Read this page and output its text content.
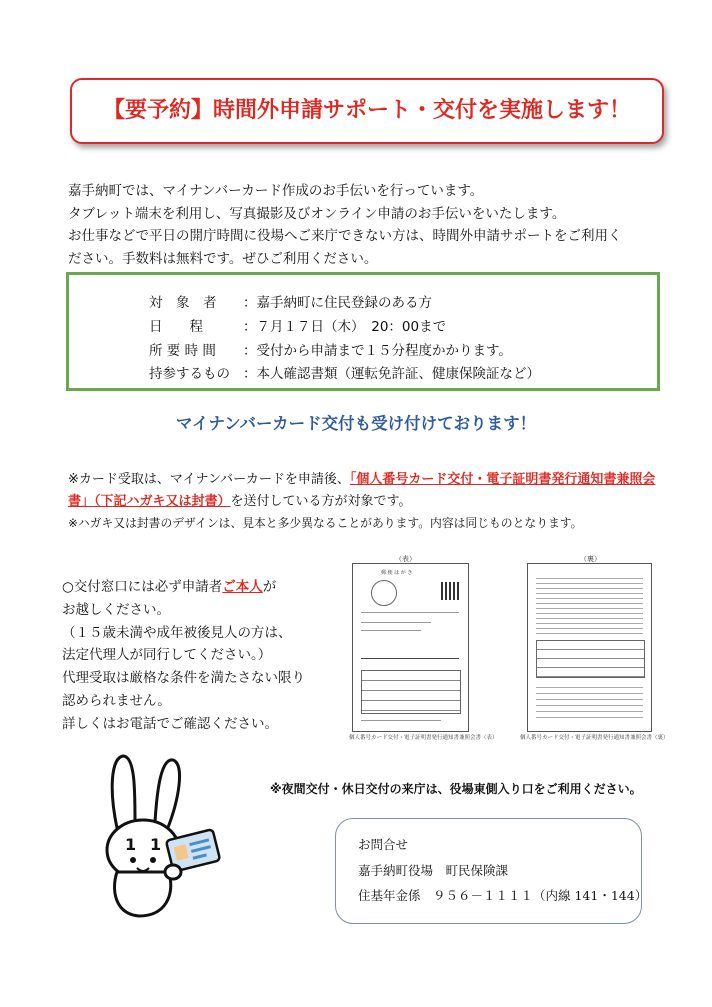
【要予約】時間外申請サポート・交付を実施します！

嘉手納町では、マイナンバーカード作成のお手伝いを行っています。

タブレット端末を利用し、写真撮影及びオンライン申請のお手伝いをいたします。

お仕事などで平日の開庁時間に役場へご来庁できない方は、時間外申請サポートをご利用く

ださい。手数料は無料です。ぜひご利用ください。

対　象　者 ：嘉手納町に住民登録のある方
日　　程	：７月１７日（木）　20：00まで
所 要 時 間 ：受付から申請まで１５分程度かかります。
持参するもの ：本人確認書類（運転免許証、健康保険証など）
マイナンバーカード交付も受け付けております！
※カード受取は、マイナンバーカードを申請後、「個人番号カード交付・電子証明書発行通知書兼照会書」（下記ハガキ又は封書）を送付している方が対象です。
※ハガキ又は封書のデザインは、見本と多少異なることがあります。内容は同じものとなります。

○交付窓口には必ず申請者ご本人が

お越しください。

（１５歳未満や成年被後見人の方は、

法定代理人が同行してください。）

代理受取は厳格な条件を満たさない限り

認められません。

詳しくはお電話でご確認ください。

（表）	（裏）
郵 便 は が き
個人番号カード交付・電子証明書発行通知書兼照会書（表）	個人番号カード交付・電子証明書発行通知書兼照会書（裏）
※夜間交付・休日交付の来庁は、役場東側入り口をご利用ください。
1 1	お問合せ

嘉手納町役場　町民保険課

住基年金係　９５６－１１１１（内線 141・144）
